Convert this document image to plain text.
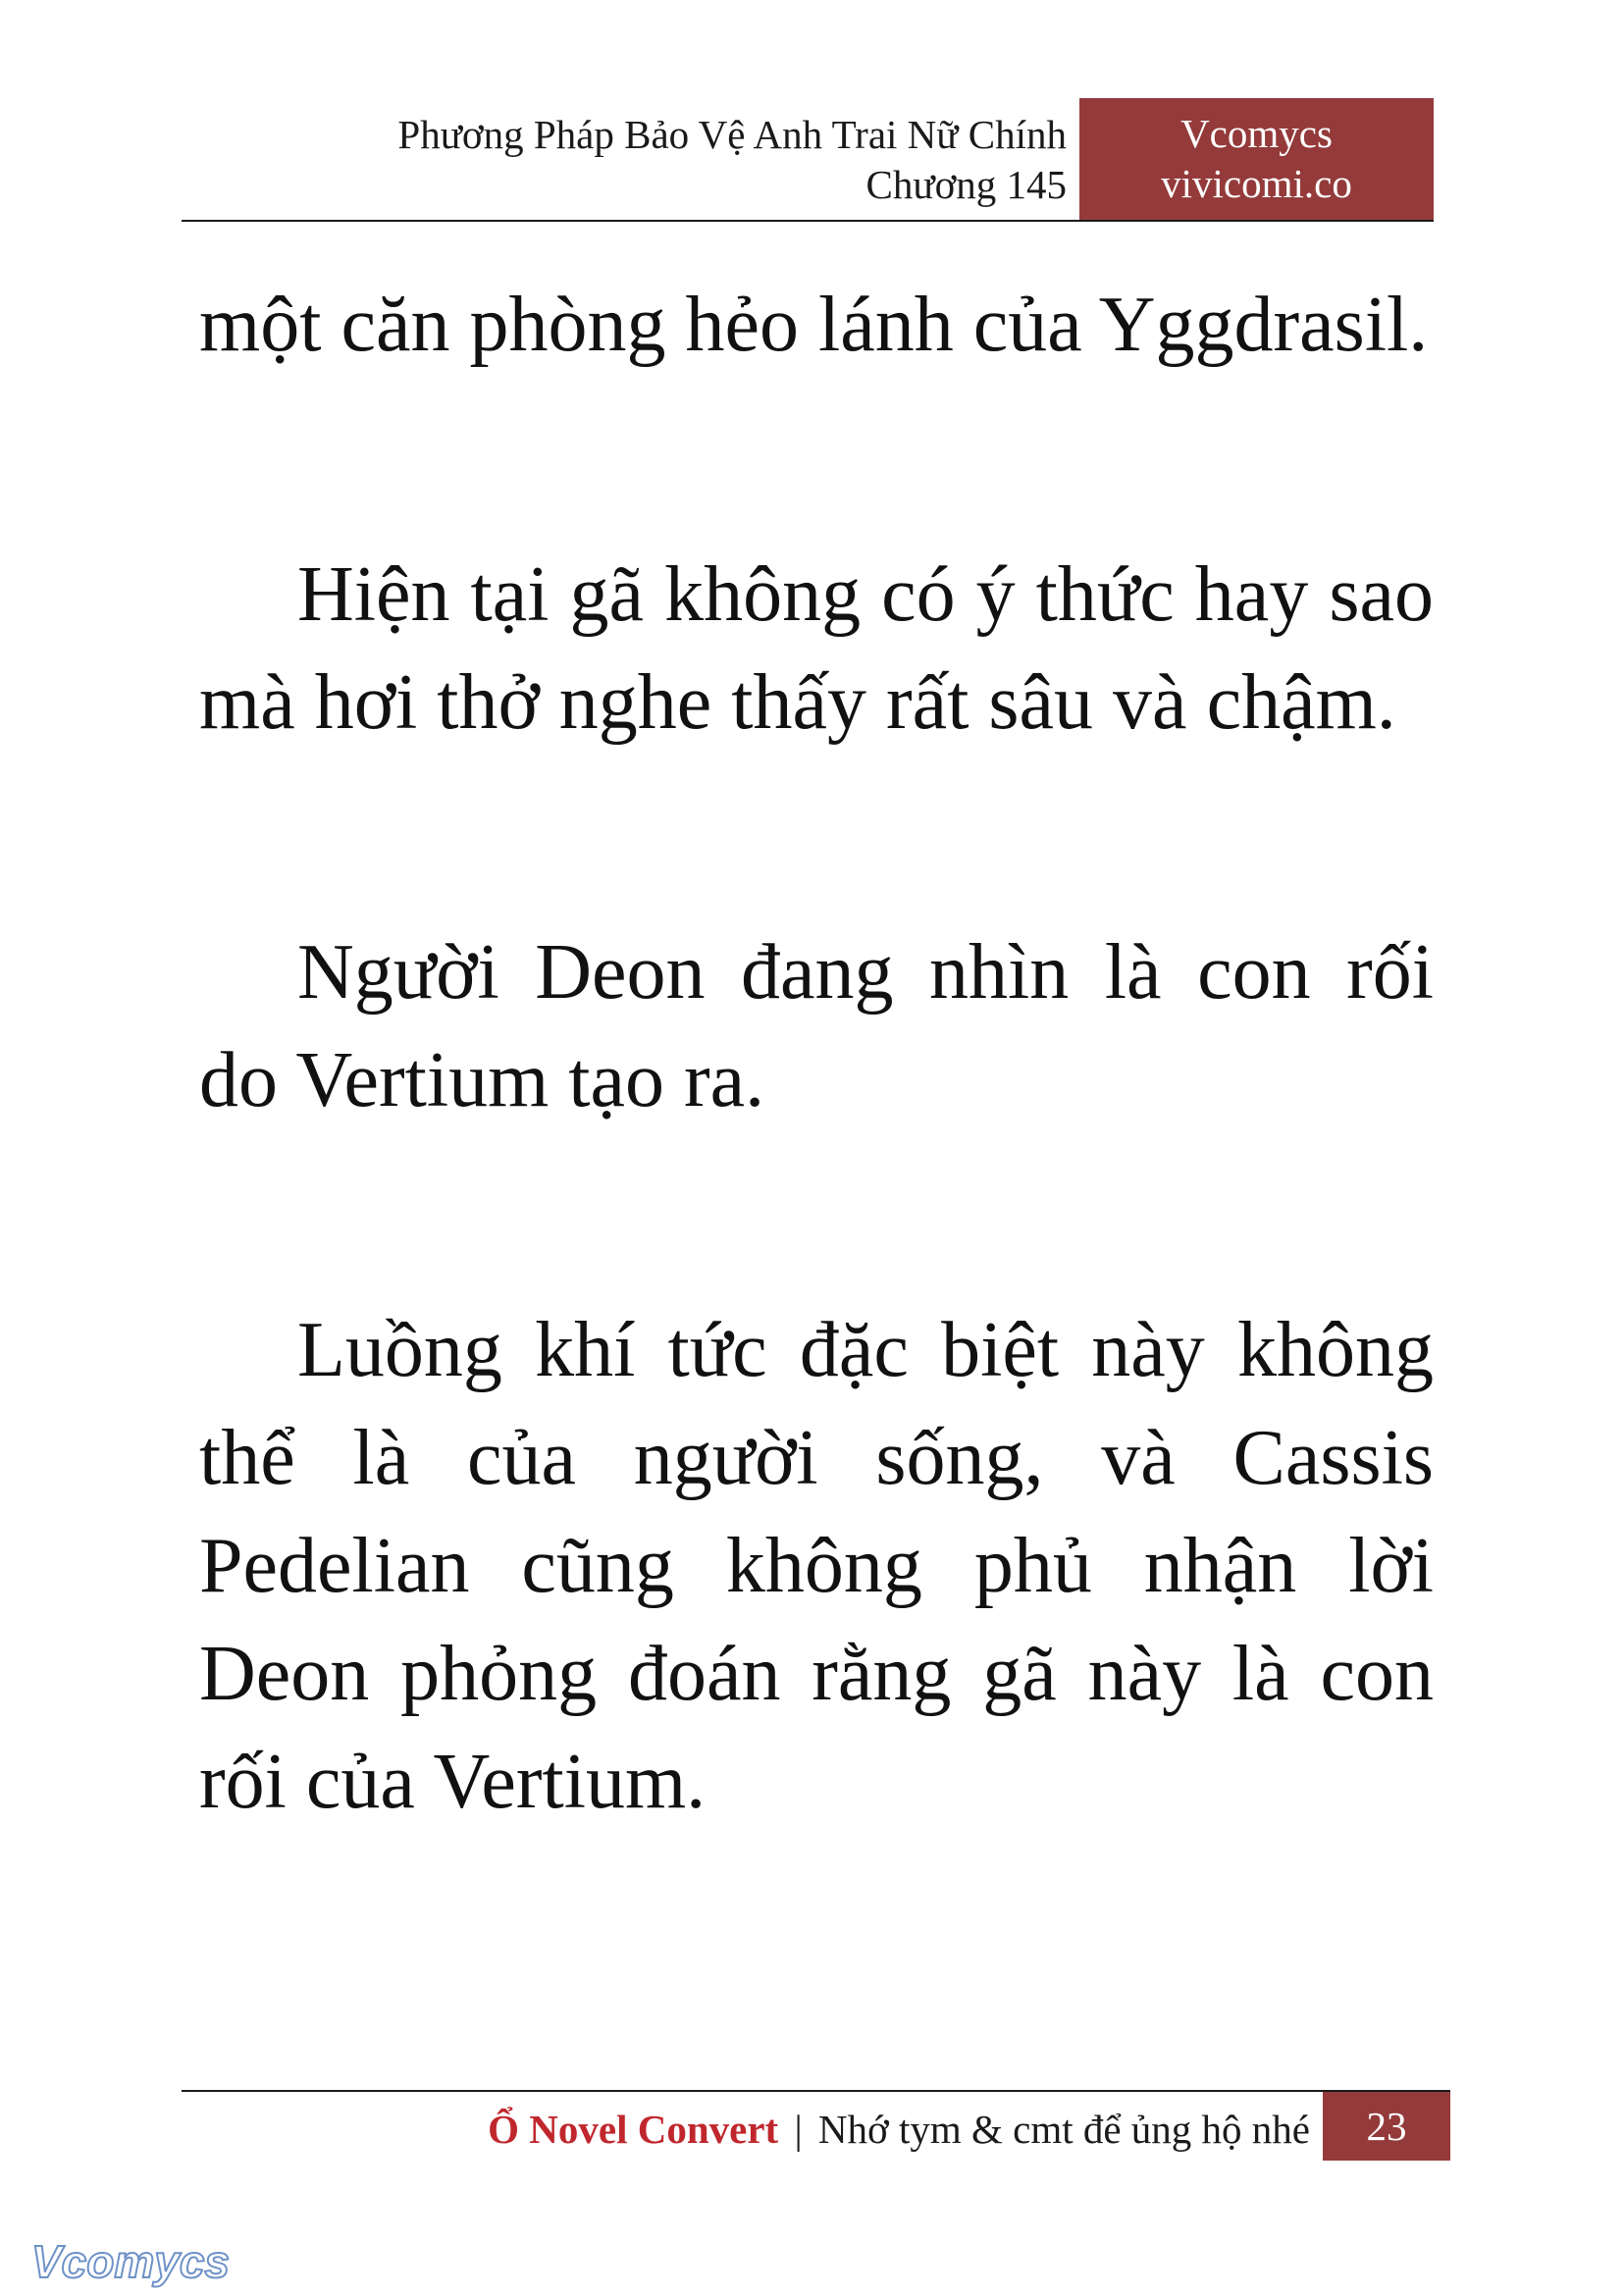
Phương Pháp Bảo Vệ Anh Trai Nữ Chính
Chương 145
Vcomycs
vivicomi.co

một căn phòng hẻo lánh của Yggdrasil.

Hiện tại gã không có ý thức hay sao mà hơi thở nghe thấy rất sâu và chậm.

Người Deon đang nhìn là con rối do Vertium tạo ra.

Luồng khí tức đặc biệt này không thể là của người sống, và Cassis Pedelian cũng không phủ nhận lời Deon phỏng đoán rằng gã này là con rối của Vertium.

Ổ Novel Convert | Nhớ tym & cmt để ủng hộ nhé	23
Vcomycs
